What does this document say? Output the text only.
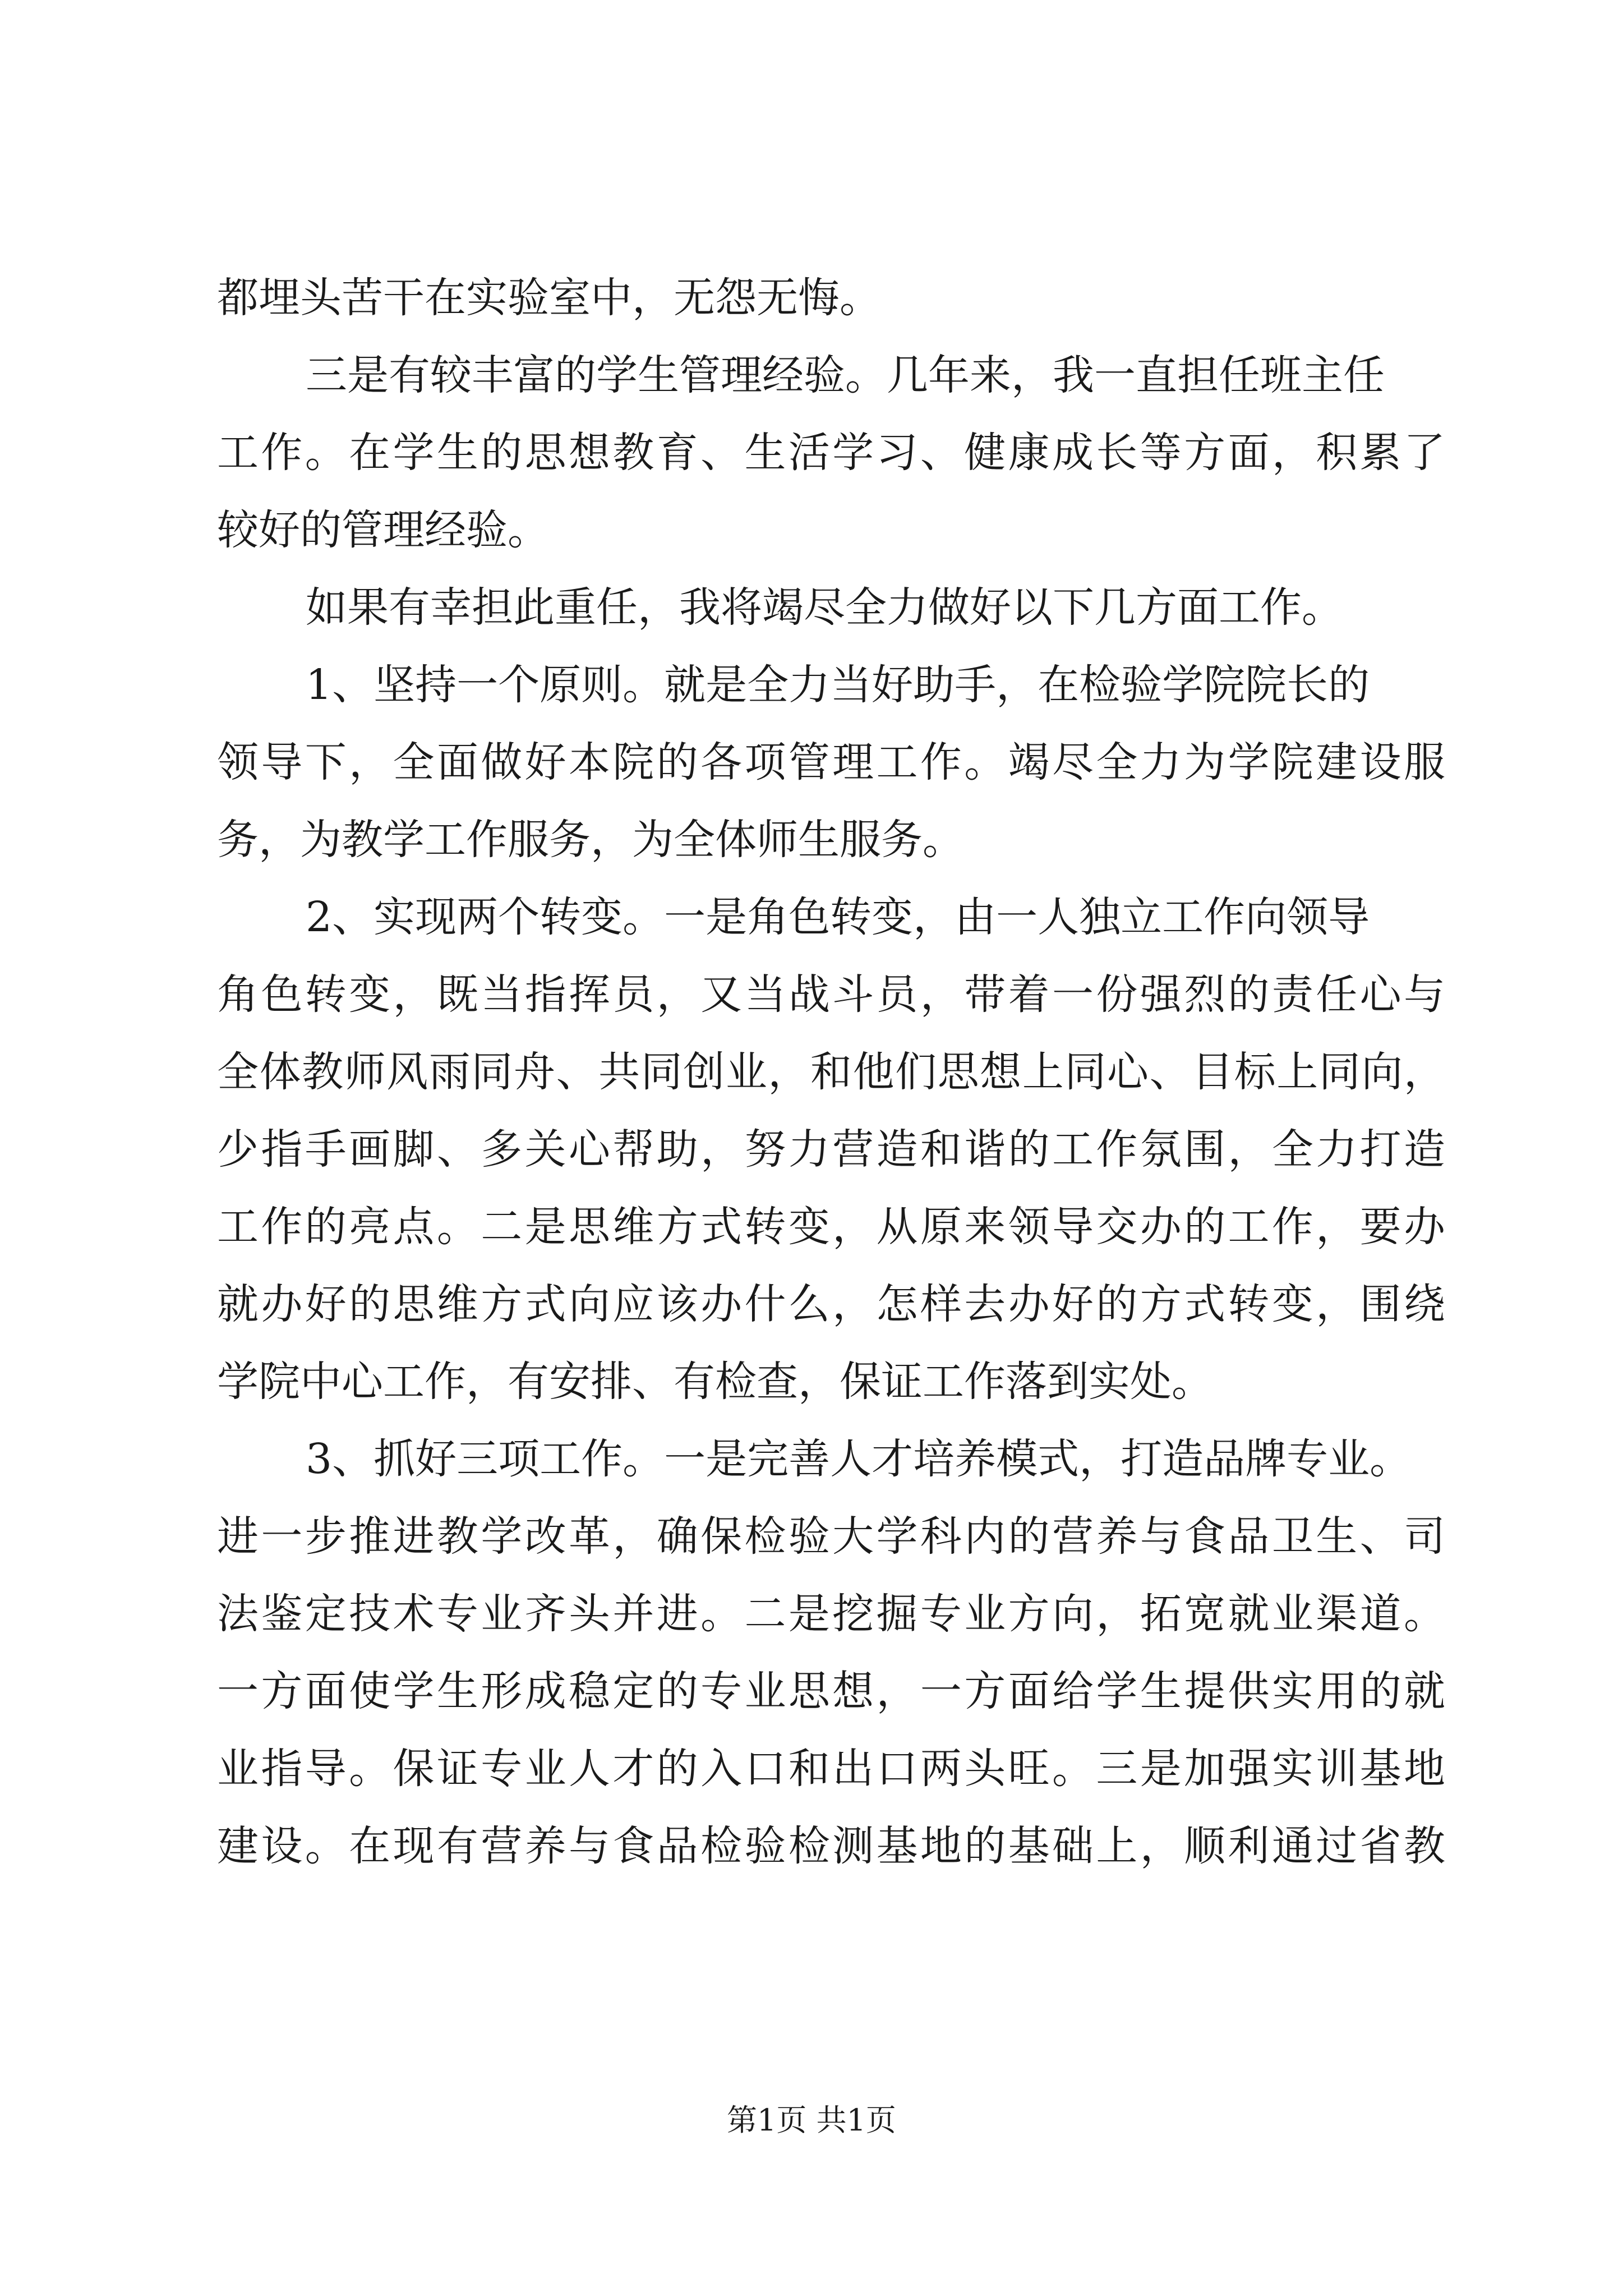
都埋头苦干在实验室中，无怨无悔。
三是有较丰富的学生管理经验。几年来，我一直担任班主任
工作。在学生的思想教育、生活学习、健康成长等方面，积累了
较好的管理经验。
如果有幸担此重任，我将竭尽全力做好以下几方面工作。
1、坚持一个原则。就是全力当好助手，在检验学院院长的
领导下，全面做好本院的各项管理工作。竭尽全力为学院建设服
务，为教学工作服务，为全体师生服务。
2、实现两个转变。一是角色转变，由一人独立工作向领导
角色转变，既当指挥员，又当战斗员，带着一份强烈的责任心与
全体教师风雨同舟、共同创业，和他们思想上同心、目标上同向，
少指手画脚、多关心帮助，努力营造和谐的工作氛围，全力打造
工作的亮点。二是思维方式转变，从原来领导交办的工作，要办
就办好的思维方式向应该办什么，怎样去办好的方式转变，围绕
学院中心工作，有安排、有检查，保证工作落到实处。
3、抓好三项工作。一是完善人才培养模式，打造品牌专业。
进一步推进教学改革，确保检验大学科内的营养与食品卫生、司
法鉴定技术专业齐头并进。二是挖掘专业方向，拓宽就业渠道。
一方面使学生形成稳定的专业思想，一方面给学生提供实用的就
业指导。保证专业人才的入口和出口两头旺。三是加强实训基地
建设。在现有营养与食品检验检测基地的基础上，顺利通过省教
第1页 共1页
